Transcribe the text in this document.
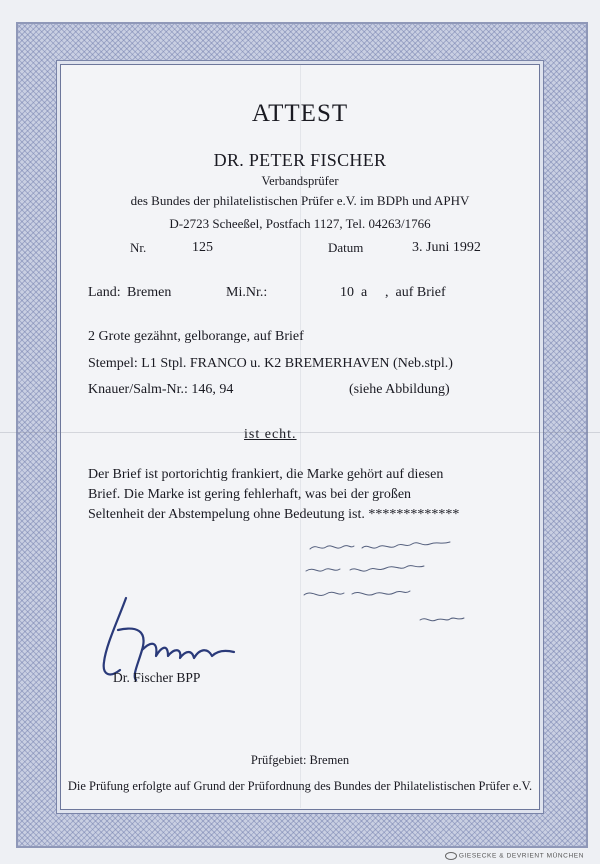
ATTEST
DR. PETER FISCHER
Verbandsprüfer
des Bundes der philatelistischen Prüfer e.V. im BDPh und APHV
D-2723 Scheeßel, Postfach 1127, Tel. 04263/1766
Nr.	125	Datum	3. Juni 1992
Land: Bremen	Mi.Nr.:	10  a ,  auf Brief
2 Grote gezähnt, gelborange, auf Brief
Stempel: L1 Stpl. FRANCO u. K2 BREMERHAVEN (Neb.stpl.)
Knauer/Salm-Nr.: 146, 94	(siehe Abbildung)
ist echt.
Der Brief ist portorichtig frankiert, die Marke gehört auf diesen
Brief. Die Marke ist gering fehlerhaft, was bei der großen
Seltenheit der Abstempelung ohne Bedeutung ist. *************
Dr. Fischer BPP
Prüfgebiet: Bremen
Die Prüfung erfolgte auf Grund der Prüfordnung des Bundes der Philatelistischen Prüfer e.V.
GIESECKE & DEVRIENT MÜNCHEN
